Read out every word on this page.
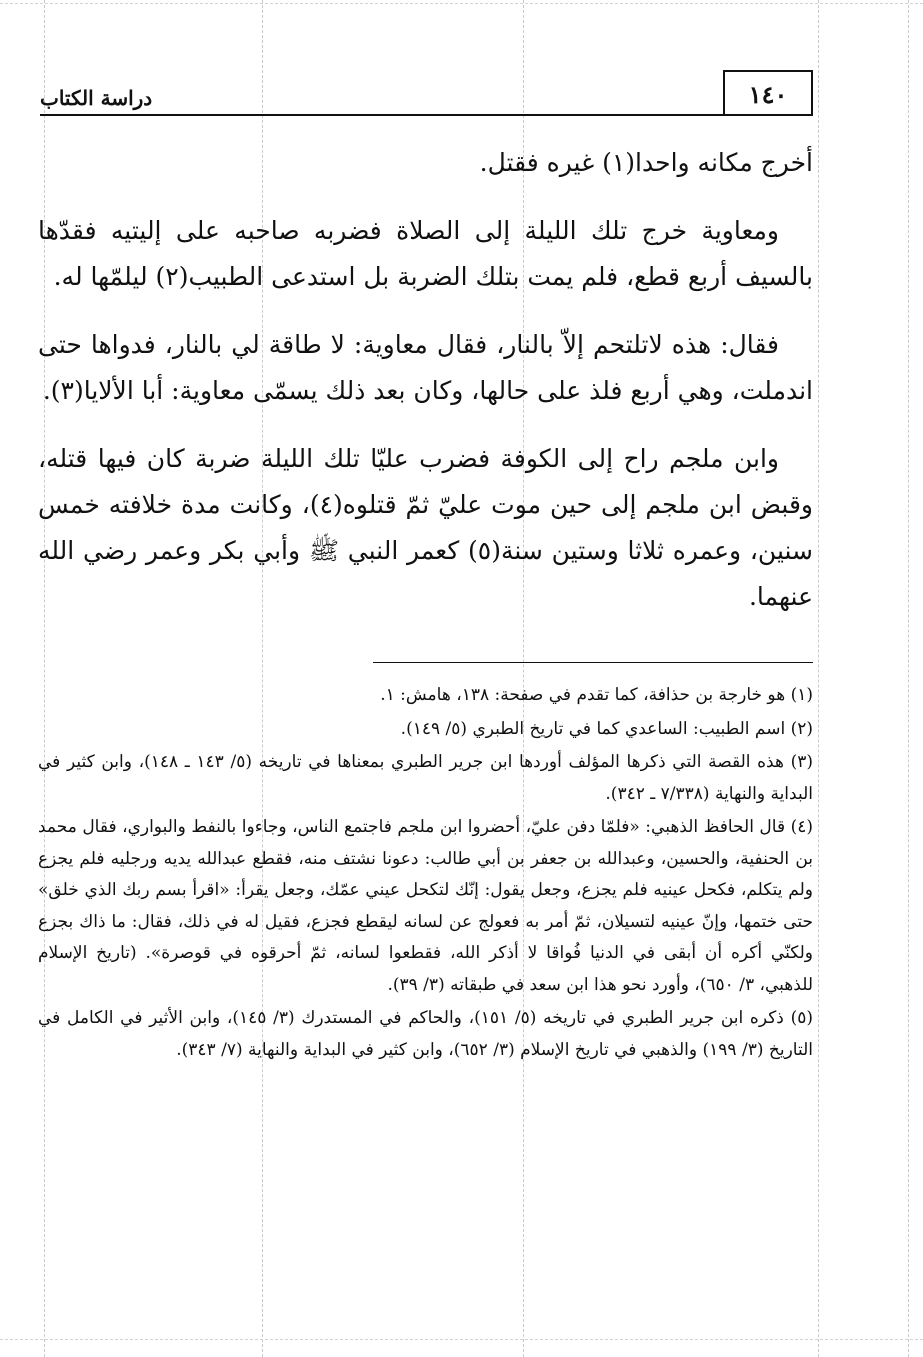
١٤٠
دراسة الكتاب

أخرج مكانه واحدا(١) غيره فقتل.

ومعاوية خرج تلك الليلة إلى الصلاة فضربه صاحبه على إليتيه فقدّها بالسيف أربع قطع، فلم يمت بتلك الضربة بل استدعى الطبيب(٢) ليلمّها له.

فقال: هذه لاتلتحم إلاّ بالنار، فقال معاوية: لا طاقة لي بالنار، فدواها حتى اندملت، وهي أربع فلذ على حالها، وكان بعد ذلك يسمّى معاوية: أبا الألايا(٣).

وابن ملجم راح إلى الكوفة فضرب عليّا تلك الليلة ضربة كان فيها قتله، وقبض ابن ملجم إلى حين موت عليّ ثمّ قتلوه(٤)، وكانت مدة خلافته خمس سنين، وعمره ثلاثا وستين سنة(٥) كعمر النبي ﷺ وأبي بكر وعمر رضي الله عنهما.

(١) هو خارجة بن حذافة، كما تقدم في صفحة: ١٣٨، هامش: ١.
(٢) اسم الطبيب: الساعدي كما في تاريخ الطبري (٥/ ١٤٩).
(٣) هذه القصة التي ذكرها المؤلف أوردها ابن جرير الطبري بمعناها في تاريخه (٥/ ١٤٣ ـ ١٤٨)، وابن كثير في البداية والنهاية (٧/٣٣٨ ـ ٣٤٢).
(٤) قال الحافظ الذهبي: «فلمّا دفن عليّ، أحضروا ابن ملجم فاجتمع الناس، وجاءوا بالنفط والبواري، فقال محمد بن الحنفية، والحسين، وعبدالله بن جعفر بن أبي طالب: دعونا نشتف منه، فقطع عبدالله يديه ورجليه فلم يجزع ولم يتكلم، فكحل عينيه فلم يجزع، وجعل يقول: إنّك لتكحل عيني عمّك، وجعل يقرأ: «اقرأ بسم ربك الذي خلق» حتى ختمها، وإنّ عينيه لتسيلان، ثمّ أمر به فعولج عن لسانه ليقطع فجزع، فقيل له في ذلك، فقال: ما ذاك بجزع ولكنّي أكره أن أبقى في الدنيا فُواقا لا أذكر الله، فقطعوا لسانه، ثمّ أحرقوه في قوصرة». (تاريخ الإسلام للذهبي، ٣/ ٦٥٠)، وأورد نحو هذا ابن سعد في طبقاته (٣/ ٣٩).
(٥) ذكره ابن جرير الطبري في تاريخه (٥/ ١٥١)، والحاكم في المستدرك (٣/ ١٤٥)، وابن الأثير في الكامل في التاريخ (٣/ ١٩٩) والذهبي في تاريخ الإسلام (٣/ ٦٥٢)، وابن كثير في البداية والنهاية (٧/ ٣٤٣).
